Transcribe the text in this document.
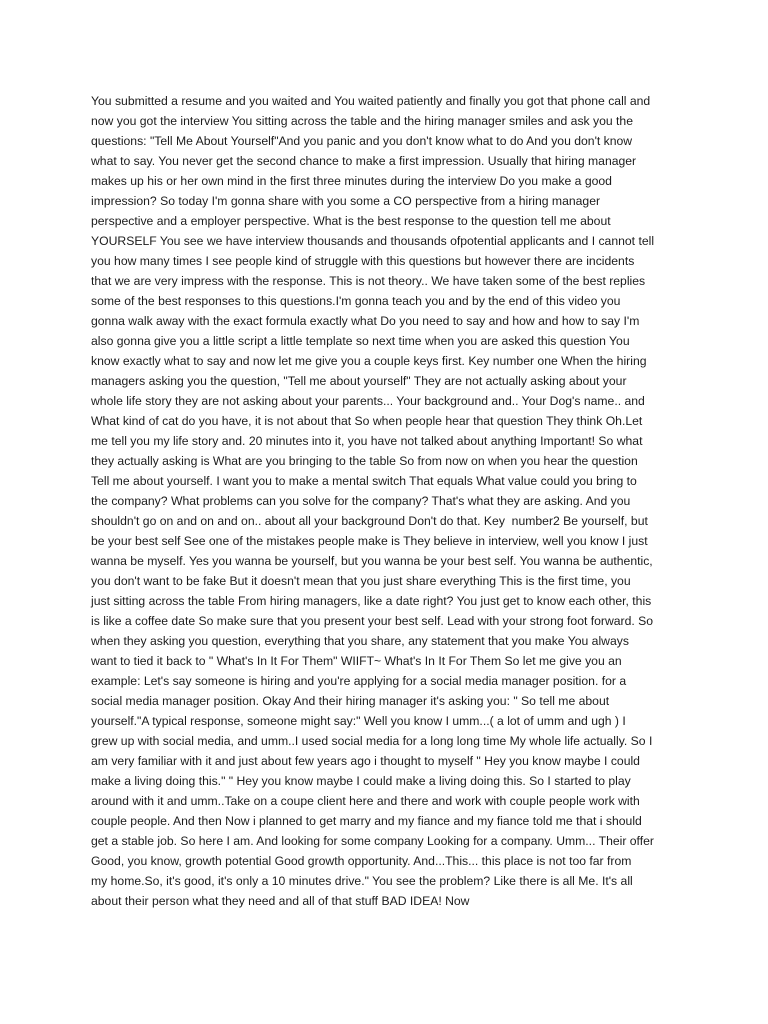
You submitted a resume and you waited and You waited patiently and finally you got that phone call and
now you got the interview You sitting across the table and the hiring manager smiles and ask you the
questions: "Tell Me About Yourself"And you panic and you don't know what to do And you don't know
what to say. You never get the second chance to make a first impression. Usually that hiring manager
makes up his or her own mind in the first three minutes during the interview Do you make a good
impression? So today I'm gonna share with you some a CO perspective from a hiring manager
perspective and a employer perspective. What is the best response to the question tell me about
YOURSELF You see we have interview thousands and thousands ofpotential applicants and I cannot tell
you how many times I see people kind of struggle with this questions but however there are incidents
that we are very impress with the response. This is not theory.. We have taken some of the best replies
some of the best responses to this questions.I'm gonna teach you and by the end of this video you
gonna walk away with the exact formula exactly what Do you need to say and how and how to say I'm
also gonna give you a little script a little template so next time when you are asked this question You
know exactly what to say and now let me give you a couple keys first. Key number one When the hiring
managers asking you the question, "Tell me about yourself" They are not actually asking about your
whole life story they are not asking about your parents... Your background and.. Your Dog's name.. and
What kind of cat do you have, it is not about that So when people hear that question They think Oh.Let
me tell you my life story and. 20 minutes into it, you have not talked about anything Important! So what
they actually asking is What are you bringing to the table So from now on when you hear the question
Tell me about yourself. I want you to make a mental switch That equals What value could you bring to
the company? What problems can you solve for the company? That's what they are asking. And you
shouldn't go on and on and on.. about all your background Don't do that. Key  number2 Be yourself, but
be your best self See one of the mistakes people make is They believe in interview, well you know I just
wanna be myself. Yes you wanna be yourself, but you wanna be your best self. You wanna be authentic,
you don't want to be fake But it doesn't mean that you just share everything This is the first time, you
just sitting across the table From hiring managers, like a date right? You just get to know each other, this
is like a coffee date So make sure that you present your best self. Lead with your strong foot forward. So
when they asking you question, everything that you share, any statement that you make You always
want to tied it back to " What's In It For Them" WIIFT~ What's In It For Them So let me give you an
example: Let's say someone is hiring and you're applying for a social media manager position. for a
social media manager position. Okay And their hiring manager it's asking you: " So tell me about
yourself."A typical response, someone might say:" Well you know I umm...( a lot of umm and ugh ) I
grew up with social media, and umm..I used social media for a long long time My whole life actually. So I
am very familiar with it and just about few years ago i thought to myself " Hey you know maybe I could
make a living doing this." " Hey you know maybe I could make a living doing this. So I started to play
around with it and umm..Take on a coupe client here and there and work with couple people work with
couple people. And then Now i planned to get marry and my fiance and my fiance told me that i should
get a stable job. So here I am. And looking for some company Looking for a company. Umm... Their offer
Good, you know, growth potential Good growth opportunity. And...This... this place is not too far from
my home.So, it's good, it's only a 10 minutes drive." You see the problem? Like there is all Me. It's all
about their person what they need and all of that stuff BAD IDEA! Now
